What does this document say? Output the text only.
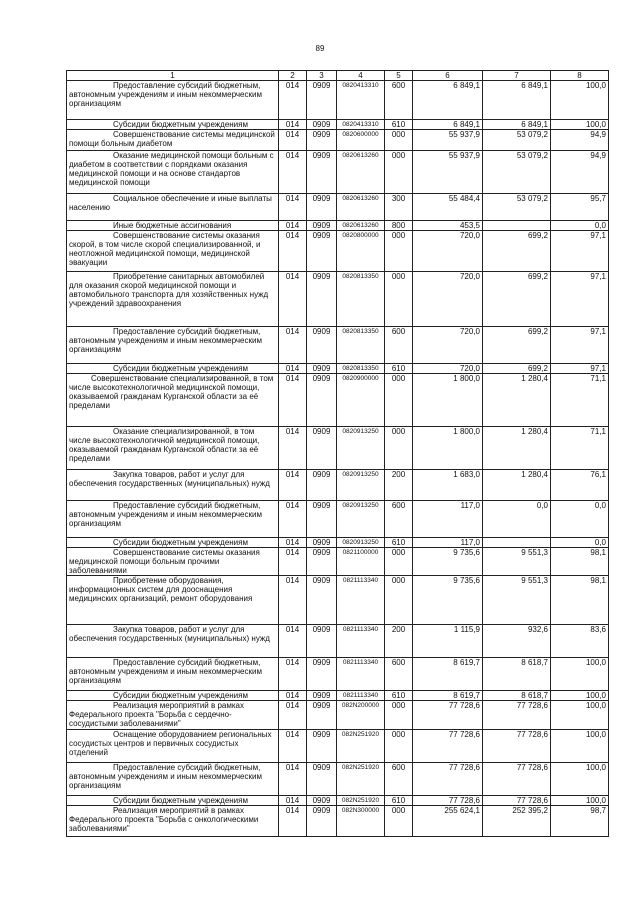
89
1	2	3	4	5	6	7	8
Предоставление субсидий бюджетным, автономным учреждениям и иным некоммерческим организациям	014	0909	0820413310	600	6 849,1	6 849,1	100,0
Субсидии бюджетным учреждениям	014	0909	0820413310	610	6 849,1	6 849,1	100,0
Совершенствование системы медицинской помощи больным диабетом	014	0909	0820600000	000	55 937,9	53 079,2	94,9
Оказание медицинской помощи больным с диабетом в соответствии с порядками оказания медицинской помощи и на основе стандартов медицинской помощи	014	0909	0820613260	000	55 937,9	53 079,2	94,9
Социальное обеспечение и иные выплаты населению	014	0909	0820613260	300	55 484,4	53 079,2	95,7
Иные бюджетные ассигнования	014	0909	0820613260	800	453,5		0,0
Совершенствование системы оказания скорой, в том числе скорой специализированной, и неотложной медицинской помощи, медицинской эвакуации	014	0909	0820800000	000	720,0	699,2	97,1
Приобретение санитарных автомобилей для оказания скорой медицинской помощи и автомобильного транспорта для хозяйственных нужд учреждений здравоохранения	014	0909	0820813350	000	720,0	699,2	97,1
Предоставление субсидий бюджетным, автономным учреждениям и иным некоммерческим организациям	014	0909	0820813350	600	720,0	699,2	97,1
Субсидии бюджетным учреждениям	014	0909	0820813350	610	720,0	699,2	97,1
Совершенствование специализированной, в том числе высокотехнологичной медицинской помощи, оказываемой гражданам Курганской области за её пределами	014	0909	0820900000	000	1 800,0	1 280,4	71,1
Оказание специализированной, в том числе высокотехнологичной медицинской помощи, оказываемой гражданам Курганской области за её пределами	014	0909	0820913250	000	1 800,0	1 280,4	71,1
Закупка товаров, работ и услуг для обеспечения государственных (муниципальных) нужд	014	0909	0820913250	200	1 683,0	1 280,4	76,1
Предоставление субсидий бюджетным, автономным учреждениям и иным некоммерческим организациям	014	0909	0820913250	600	117,0	0,0	0,0
Субсидии бюджетным учреждениям	014	0909	0820913250	610	117,0		0,0
Совершенствование системы оказания медицинской помощи больным прочими заболеваниями	014	0909	0821100000	000	9 735,6	9 551,3	98,1
Приобретение оборудования, информационных систем для дооснащения медицинских организаций, ремонт оборудования	014	0909	0821113340	000	9 735,6	9 551,3	98,1
Закупка товаров, работ и услуг для обеспечения государственных (муниципальных) нужд	014	0909	0821113340	200	1 115,9	932,6	83,6
Предоставление субсидий бюджетным, автономным учреждениям и иным некоммерческим организациям	014	0909	0821113340	600	8 619,7	8 618,7	100,0
Субсидии бюджетным учреждениям	014	0909	0821113340	610	8 619,7	8 618,7	100,0
Реализация мероприятий в рамках Федерального проекта "Борьба с сердечно-сосудистыми заболеваниями"	014	0909	082N200000	000	77 728,6	77 728,6	100,0
Оснащение оборудованием региональных сосудистых центров и первичных сосудистых отделений	014	0909	082N251920	000	77 728,6	77 728,6	100,0
Предоставление субсидий бюджетным, автономным учреждениям и иным некоммерческим организациям	014	0909	082N251920	600	77 728,6	77 728,6	100,0
Субсидии бюджетным учреждениям	014	0909	082N251920	610	77 728,6	77 728,6	100,0
Реализация мероприятий в рамках Федерального проекта "Борьба с онкологическими заболеваниями"	014	0909	082N300000	000	255 624,1	252 395,2	98,7
